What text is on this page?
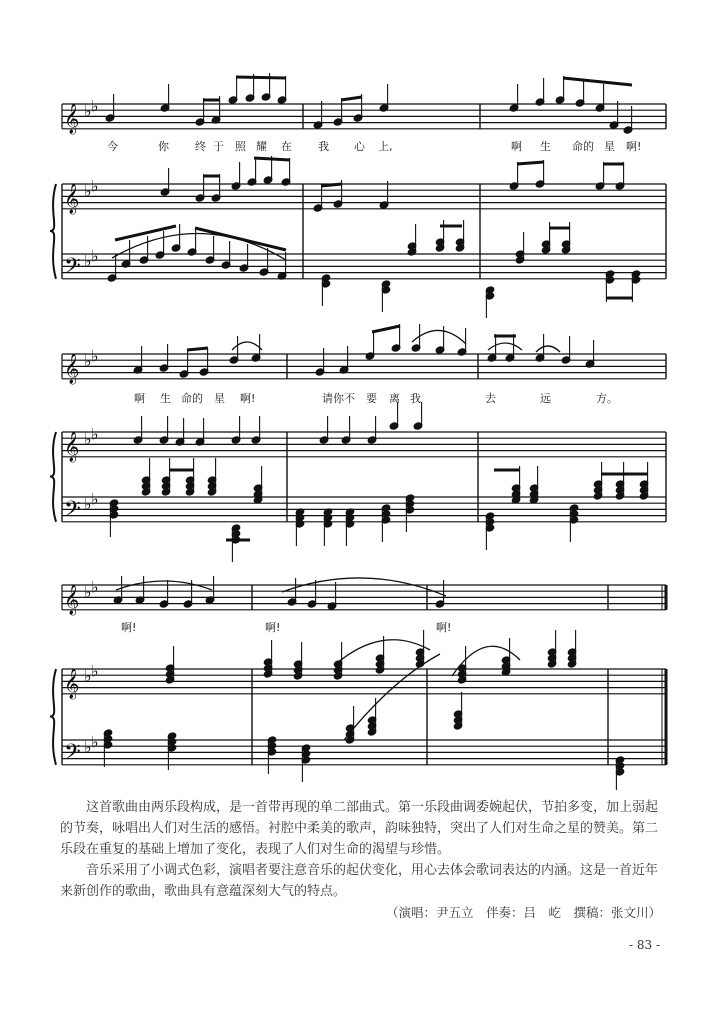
𝄞 ♭ ♭
𝄞 ♭ ♭
𝄢 ♭ ♭
𝄞 ♭ ♭
𝄞 ♭ ♭
𝄢 ♭ ♭
𝄞 ♭ ♭
𝄞 ♭ ♭
𝄢 ♭ ♭
今	你 终 于 照 耀 在 我 心 上,	啊 生 命的 星 啊!
啊 生 命的 星 啊!	请你不 要 离 我	去	远	方。
啊!	啊!	啊!

这首歌曲由两乐段构成，是一首带再现的单二部曲式。第一乐段曲调委婉起伏，节拍多变，加上弱起的节奏，咏唱出人们对生活的感悟。衬腔中柔美的歌声，韵味独特，突出了人们对生命之星的赞美。第二乐段在重复的基础上增加了变化，表现了人们对生命的渴望与珍惜。

音乐采用了小调式色彩，演唱者要注意音乐的起伏变化，用心去体会歌词表达的内涵。这是一首近年来新创作的歌曲，歌曲具有意蕴深刻大气的特点。

（演唱：尹五立　伴奏：吕　屹　撰稿：张文川）
- 83 -
